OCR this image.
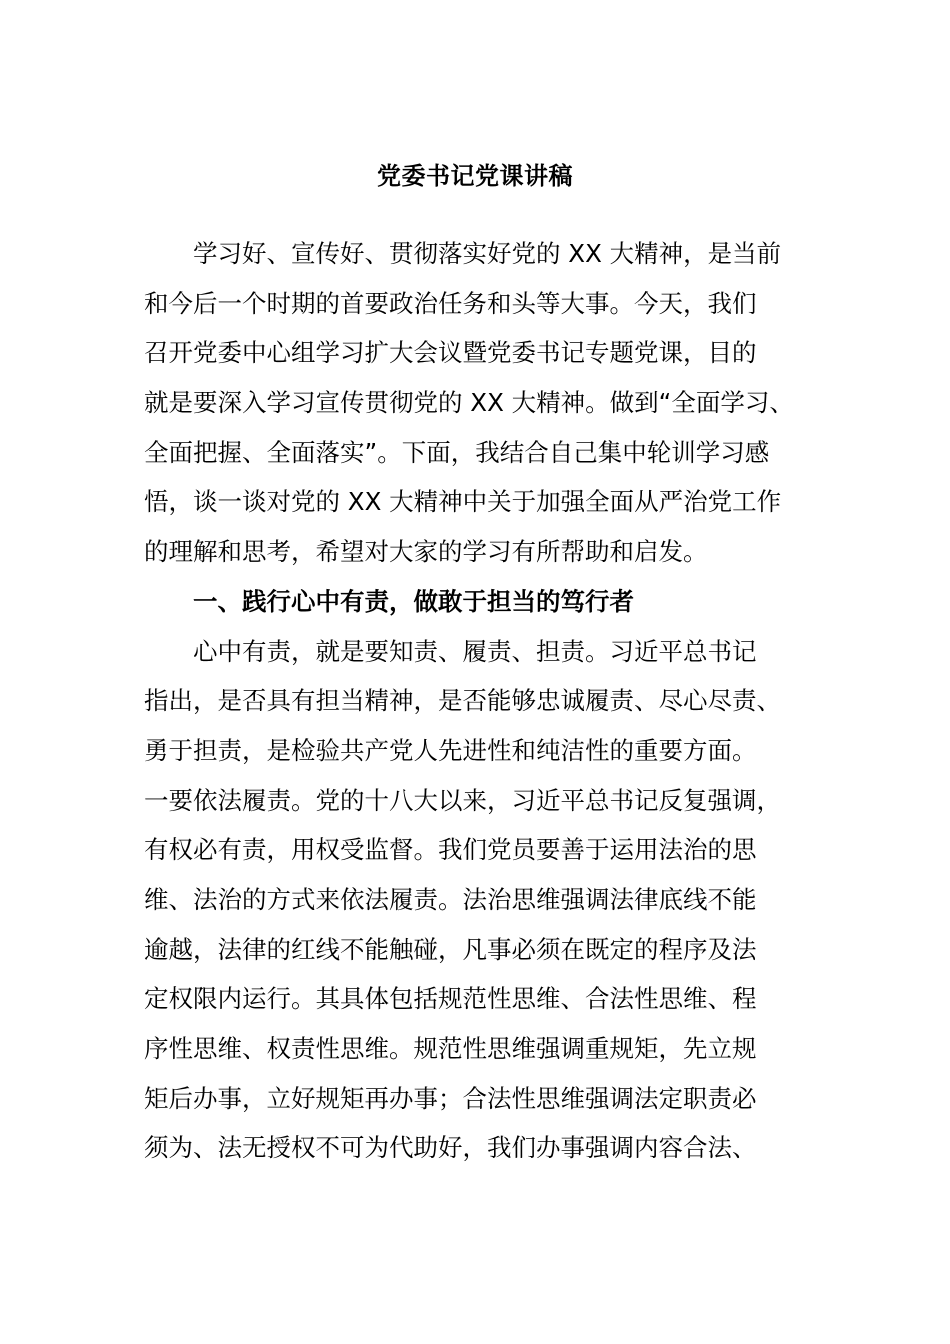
党委书记党课讲稿
学习好、宣传好、贯彻落实好党的 XX 大精神，是当前
和今后一个时期的首要政治任务和头等大事。今天，我们
召开党委中心组学习扩大会议暨党委书记专题党课，目的
就是要深入学习宣传贯彻党的 XX 大精神。做到“全面学习、
全面把握、全面落实”。下面，我结合自己集中轮训学习感
悟，谈一谈对党的 XX 大精神中关于加强全面从严治党工作
的理解和思考，希望对大家的学习有所帮助和启发。
一、践行心中有责，做敢于担当的笃行者
心中有责，就是要知责、履责、担责。习近平总书记
指出，是否具有担当精神，是否能够忠诚履责、尽心尽责、
勇于担责，是检验共产党人先进性和纯洁性的重要方面。
一要依法履责。党的十八大以来，习近平总书记反复强调，
有权必有责，用权受监督。我们党员要善于运用法治的思
维、法治的方式来依法履责。法治思维强调法律底线不能
逾越，法律的红线不能触碰，凡事必须在既定的程序及法
定权限内运行。其具体包括规范性思维、合法性思维、程
序性思维、权责性思维。规范性思维强调重规矩，先立规
矩后办事，立好规矩再办事；合法性思维强调法定职责必
须为、法无授权不可为代助好，我们办事强调内容合法、
